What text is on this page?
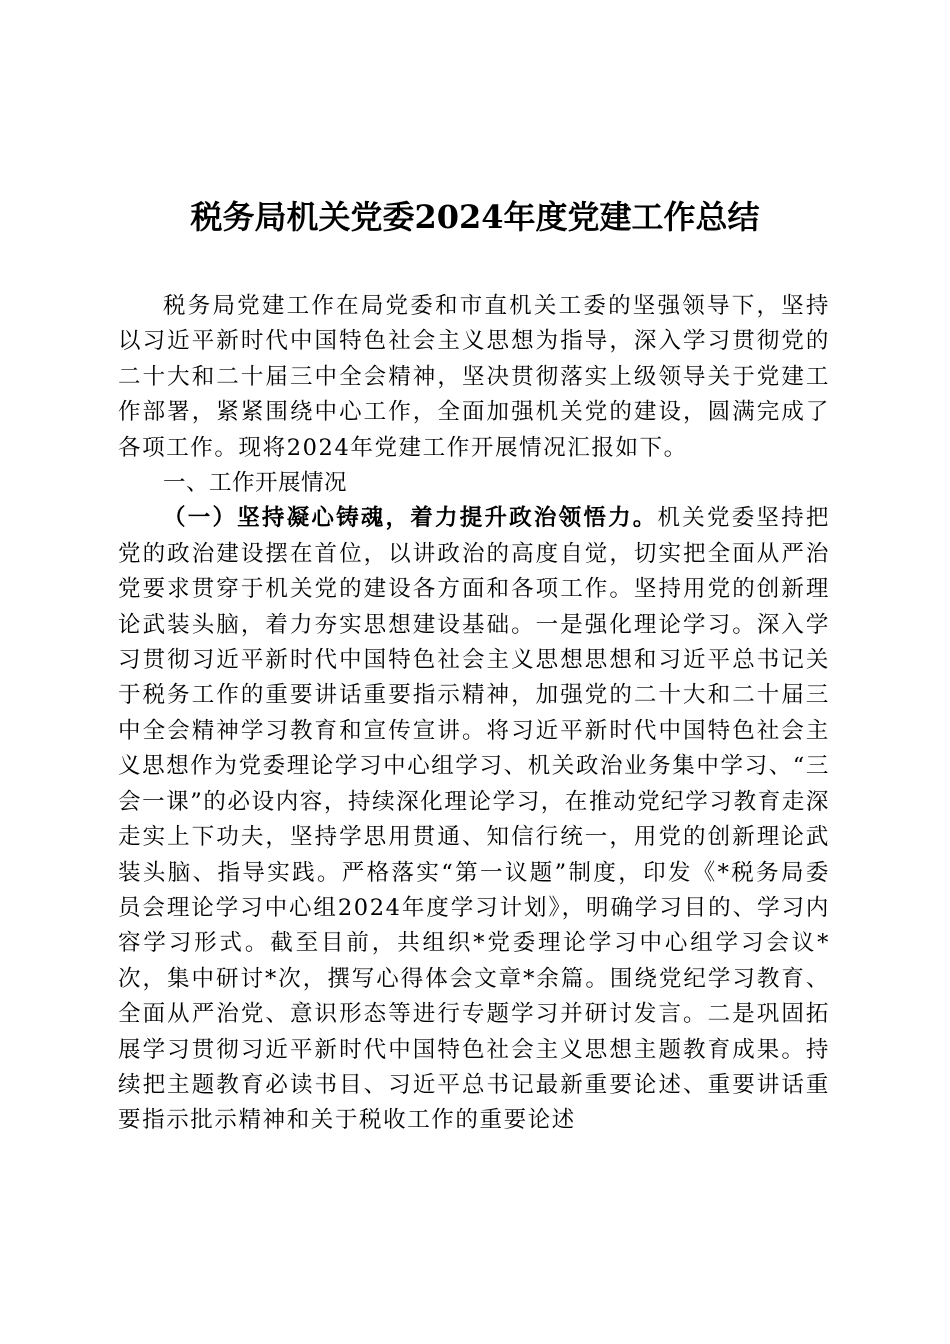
税务局机关党委2024年度党建工作总结

税务局党建工作在局党委和市直机关工委的坚强领导下，坚持以习近平新时代中国特色社会主义思想为指导，深入学习贯彻党的二十大和二十届三中全会精神，坚决贯彻落实上级领导关于党建工作部署，紧紧围绕中心工作，全面加强机关党的建设，圆满完成了各项工作。现将2024年党建工作开展情况汇报如下。

一、工作开展情况

（一）坚持凝心铸魂，着力提升政治领悟力。机关党委坚持把党的政治建设摆在首位，以讲政治的高度自觉，切实把全面从严治党要求贯穿于机关党的建设各方面和各项工作。坚持用党的创新理论武装头脑，着力夯实思想建设基础。一是强化理论学习。深入学习贯彻习近平新时代中国特色社会主义思想思想和习近平总书记关于税务工作的重要讲话重要指示精神，加强党的二十大和二十届三中全会精神学习教育和宣传宣讲。将习近平新时代中国特色社会主义思想作为党委理论学习中心组学习、机关政治业务集中学习、“三会一课”的必设内容，持续深化理论学习，在推动党纪学习教育走深走实上下功夫，坚持学思用贯通、知信行统一，用党的创新理论武装头脑、指导实践。严格落实“第一议题”制度，印发《*税务局委员会理论学习中心组2024年度学习计划》，明确学习目的、学习内容学习形式。截至目前，共组织*党委理论学习中心组学习会议*次，集中研讨*次，撰写心得体会文章*余篇。围绕党纪学习教育、全面从严治党、意识形态等进行专题学习并研讨发言。二是巩固拓展学习贯彻习近平新时代中国特色社会主义思想主题教育成果。持续把主题教育必读书目、习近平总书记最新重要论述、重要讲话重要指示批示精神和关于税收工作的重要论述
